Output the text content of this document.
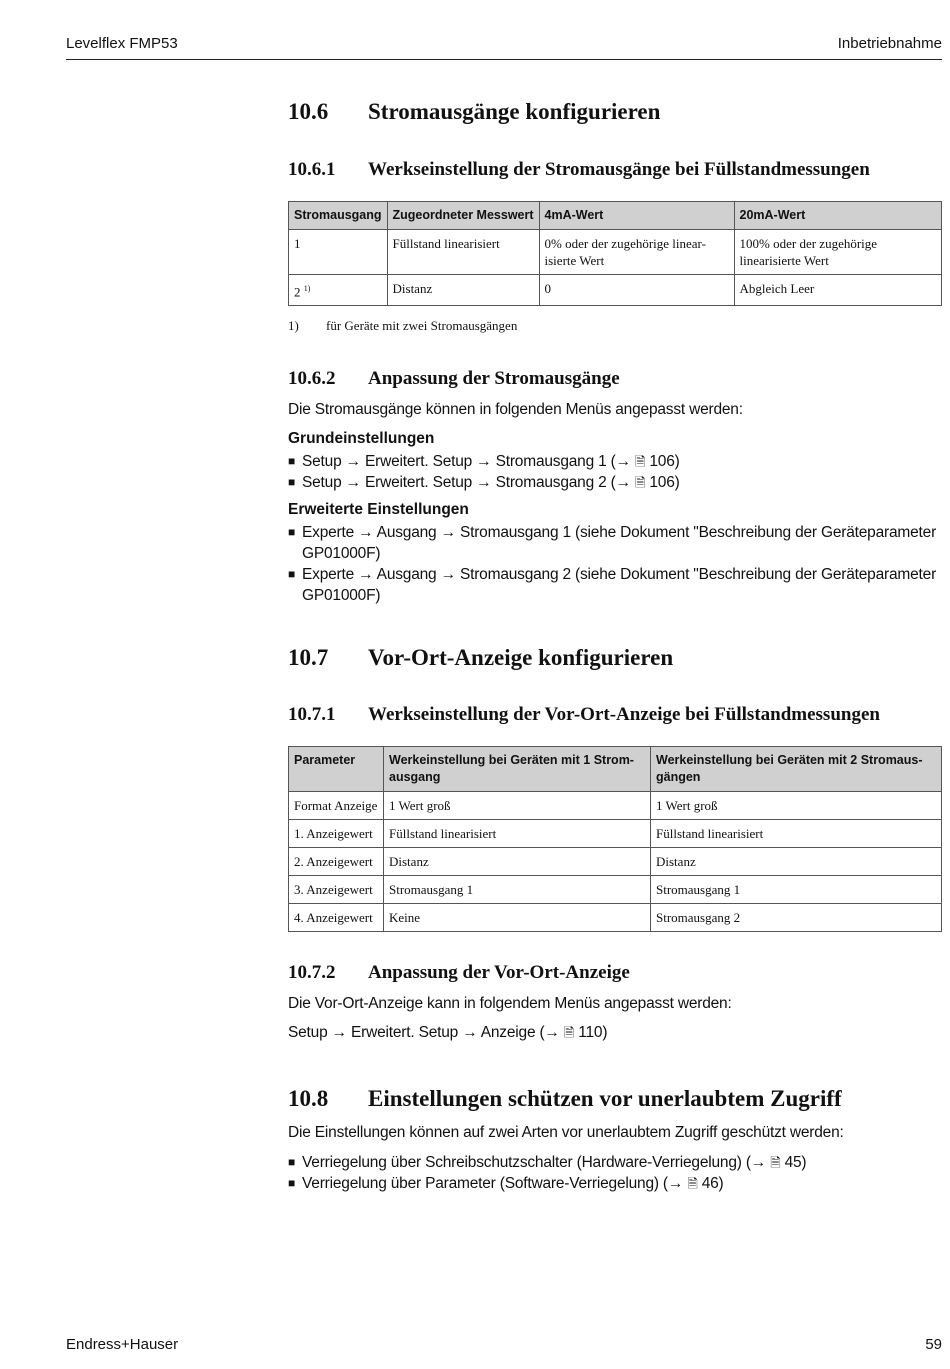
Levelflex FMP53	Inbetriebnahme
10.6 Stromausgänge konfigurieren
10.6.1 Werkseinstellung der Stromausgänge bei Füllstandmessungen
Stromausgang	Zugeordneter Messwert	4mA-Wert	20mA-Wert
1	Füllstand linearisiert	0% oder der zugehörige linear-isierte Wert	100% oder der zugehörige linearisierte Wert
2 $^{1)}$	Distanz	0	Abgleich Leer
1) für Geräte mit zwei Stromausgängen
10.6.2 Anpassung der Stromausgänge
Die Stromausgänge können in folgenden Menüs angepasst werden:
Grundeinstellungen
■ Setup → Erweitert. Setup → Stromausgang 1 (→ 🗎 106)
■ Setup → Erweitert. Setup → Stromausgang 2 (→ 🗎 106)
Erweiterte Einstellungen
■ Experte → Ausgang → Stromausgang 1 (siehe Dokument "Beschreibung der Geräteparameter GP01000F)
■ Experte → Ausgang → Stromausgang 2 (siehe Dokument "Beschreibung der Geräteparameter GP01000F)
10.7 Vor-Ort-Anzeige konfigurieren
10.7.1 Werkseinstellung der Vor-Ort-Anzeige bei Füllstandmessungen
Parameter	Werkeinstellung bei Geräten mit 1 Strom-ausgang	Werkeinstellung bei Geräten mit 2 Stromaus-gängen
Format Anzeige	1 Wert groß	1 Wert groß
1. Anzeigewert	Füllstand linearisiert	Füllstand linearisiert
2. Anzeigewert	Distanz	Distanz
3. Anzeigewert	Stromausgang 1	Stromausgang 1
4. Anzeigewert	Keine	Stromausgang 2
10.7.2 Anpassung der Vor-Ort-Anzeige
Die Vor-Ort-Anzeige kann in folgendem Menüs angepasst werden:
Setup → Erweitert. Setup → Anzeige (→ 🗎 110)
10.8 Einstellungen schützen vor unerlaubtem Zugriff
Die Einstellungen können auf zwei Arten vor unerlaubtem Zugriff geschützt werden:
■ Verriegelung über Schreibschutzschalter (Hardware-Verriegelung) (→ 🗎 45)
■ Verriegelung über Parameter (Software-Verriegelung) (→ 🗎 46)
Endress+Hauser	59
